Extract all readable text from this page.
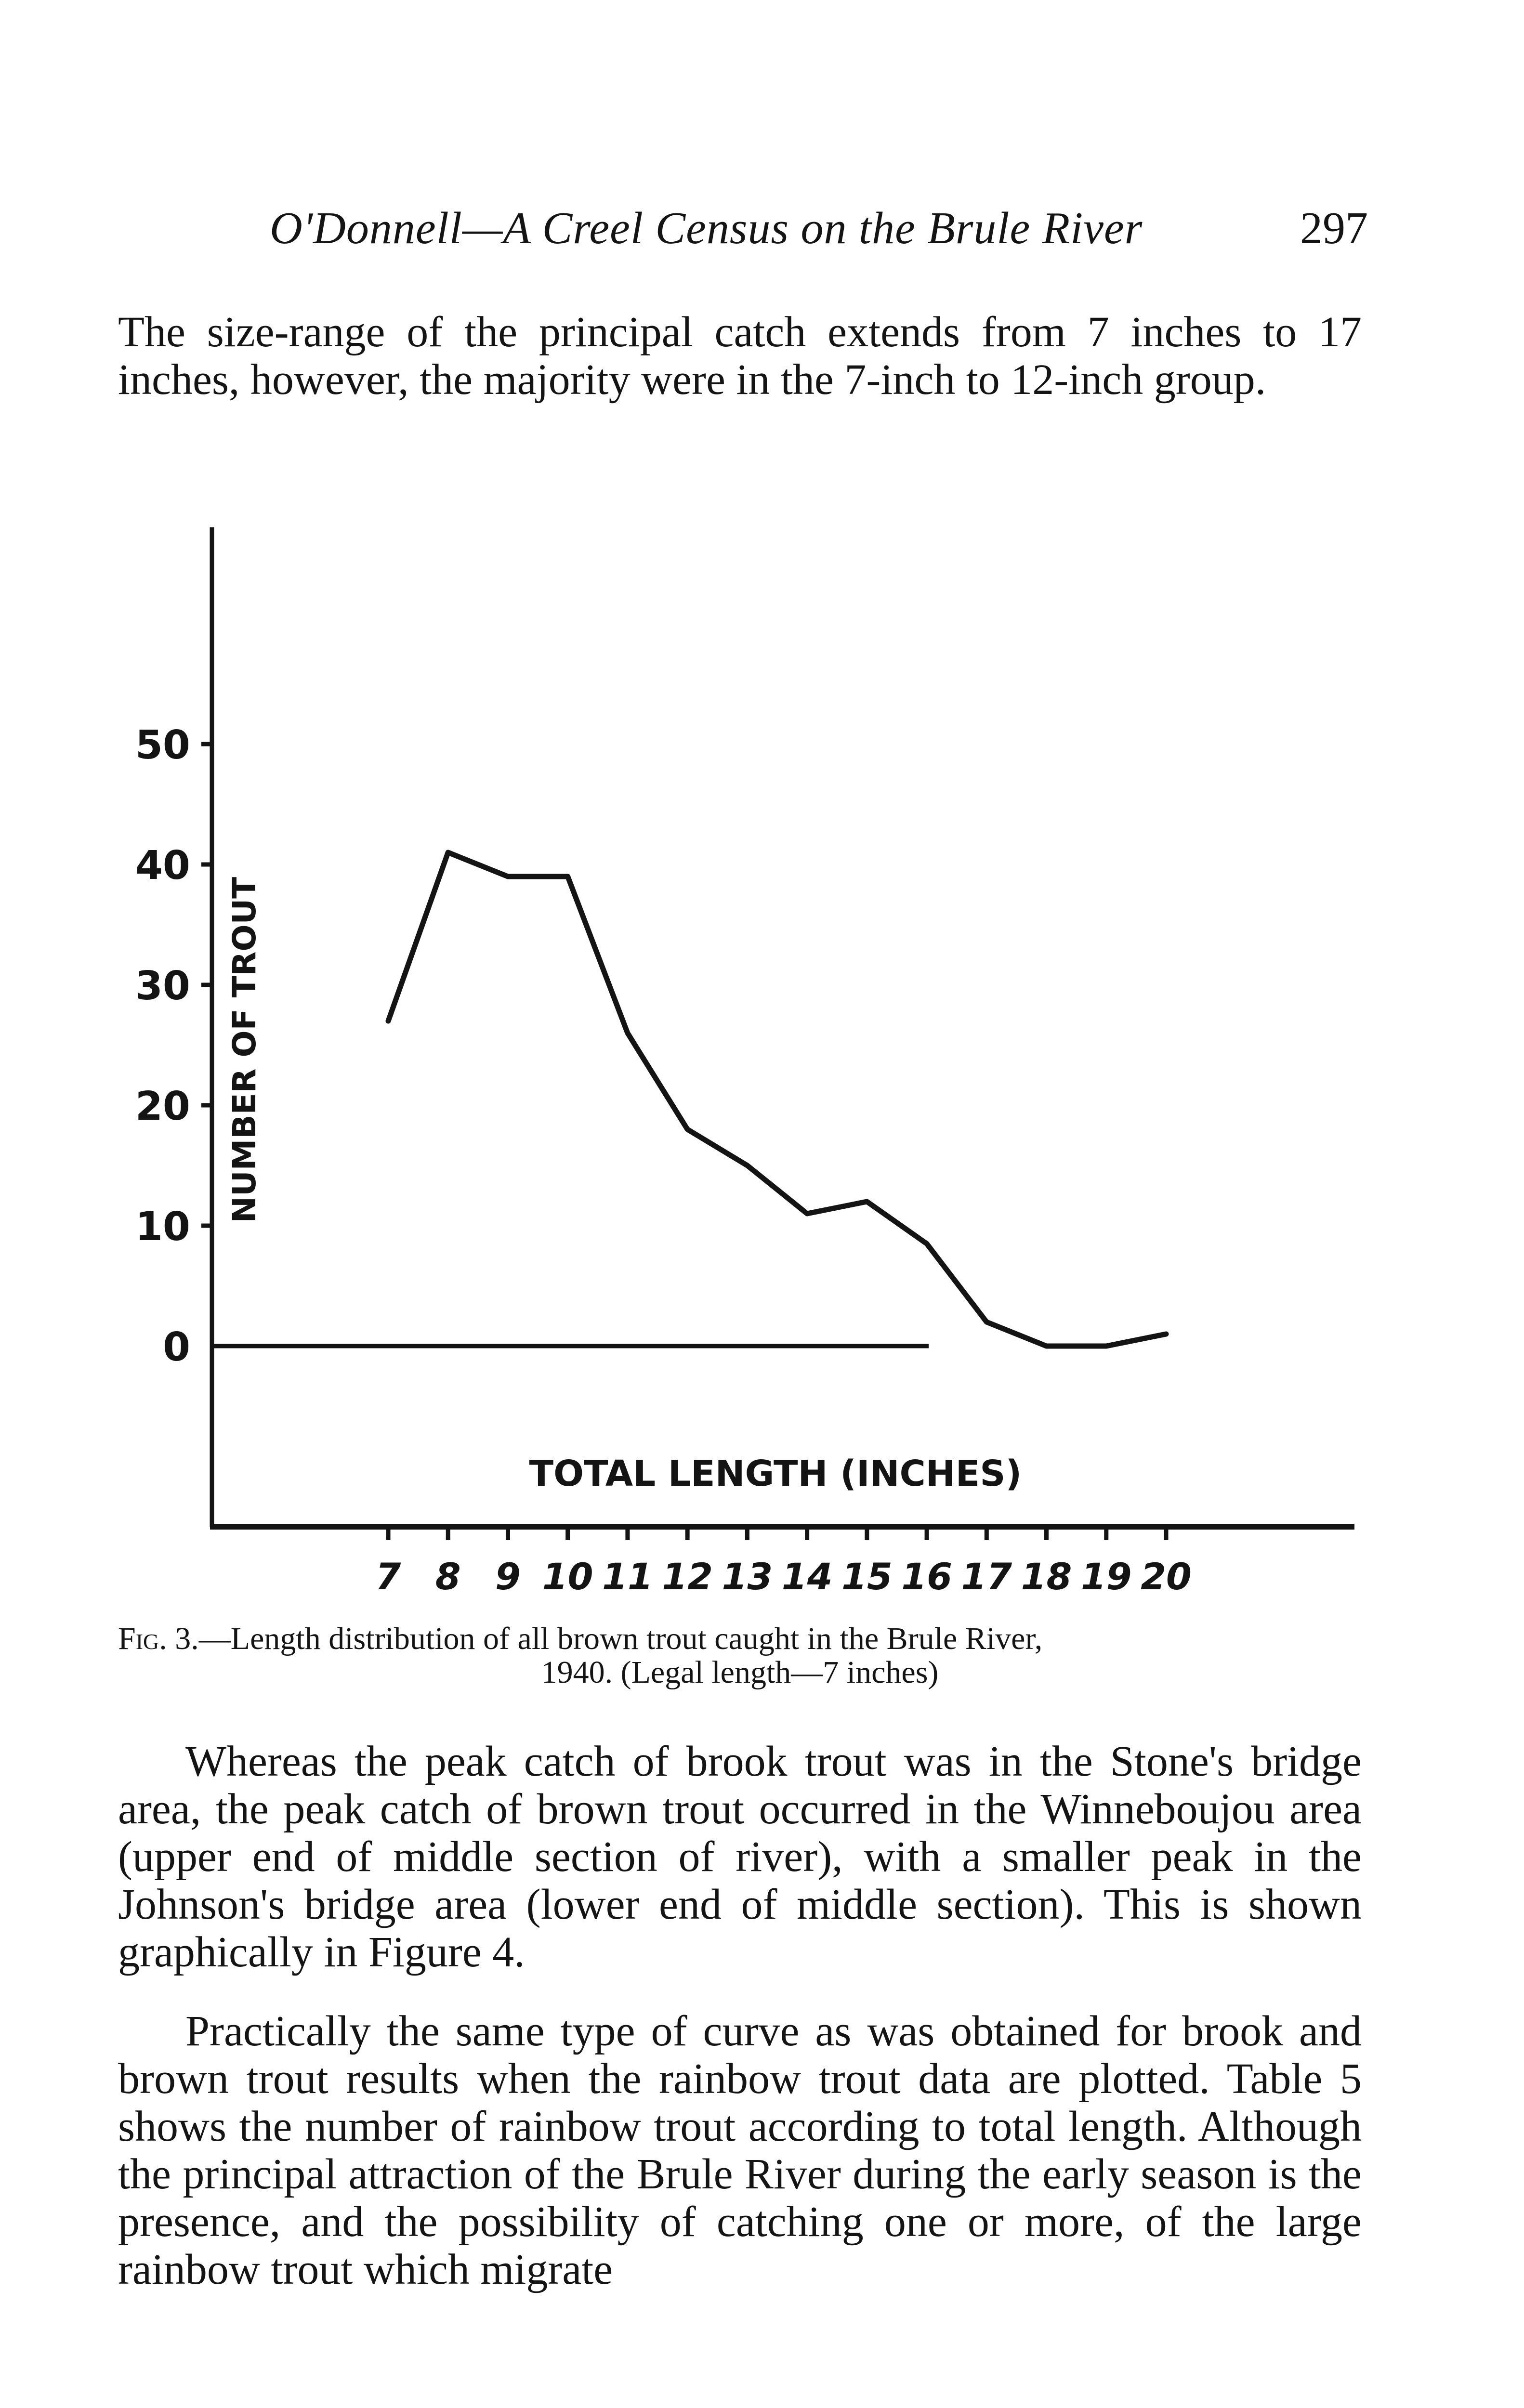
O'Donnell—A Creel Census on the Brule River	297

The size-range of the principal catch extends from 7 inches to 17 inches, however, the majority were in the 7-inch to 12-inch group.

0
10
20
30
40
50
7 8 9 10 11 12 13 14 15 16 17 18 19 20
NUMBER OF TROUT
TOTAL LENGTH (INCHES)

Fig. 3.—Length distribution of all brown trout caught in the Brule River,
1940. (Legal length—7 inches)

Whereas the peak catch of brook trout was in the Stone's bridge area, the peak catch of brown trout occurred in the Winneboujou area (upper end of middle section of river), with a smaller peak in the Johnson's bridge area (lower end of middle section). This is shown graphically in Figure 4.

Practically the same type of curve as was obtained for brook and brown trout results when the rainbow trout data are plotted. Table 5 shows the number of rainbow trout according to total length. Although the principal attraction of the Brule River during the early season is the presence, and the possibility of catching one or more, of the large rainbow trout which migrate
